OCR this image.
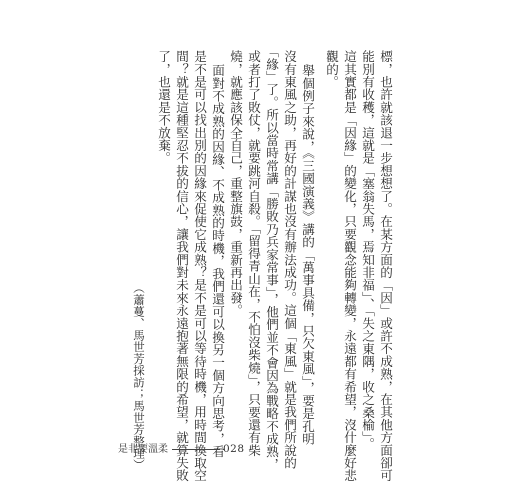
標，也許就該退一步想想了。在某方面的「因」或許不成熟，在其他方面卻可
能別有收穫，這就是「塞翁失馬，焉知非福」、「失之東隅，收之桑榆」。
這其實都是「因緣」的變化，只要觀念能夠轉變，永遠都有希望，沒什麼好悲
觀的。
舉個例子來說，《三國演義》講的「萬事具備，只欠東風」，要是孔明
沒有東風之助，再好的計謀也沒有辦法成功。這個「東風」就是我們所說的
「緣」了。所以當時常講「勝敗乃兵家常事」，他們並不會因為戰略不成熟，
或者打了敗仗，就要跳河自殺。「留得青山在，不怕沒柴燒」，只要還有柴
燒，就應該保全自己，重整旗鼓，重新再出發。
面對不成熟的因緣、不成熟的時機，我們還可以換另一個方向思考，看
是不是可以找出別的因緣來促使它成熟？是不是可以等待時機，用時間換取空
間？就是這種堅忍不拔的信心，讓我們對未來永遠抱著無限的希望，就算失敗
了，也還是不放棄。
（蕭蔓、馬世芳採訪；馬世芳整理）
是非要溫柔	028
